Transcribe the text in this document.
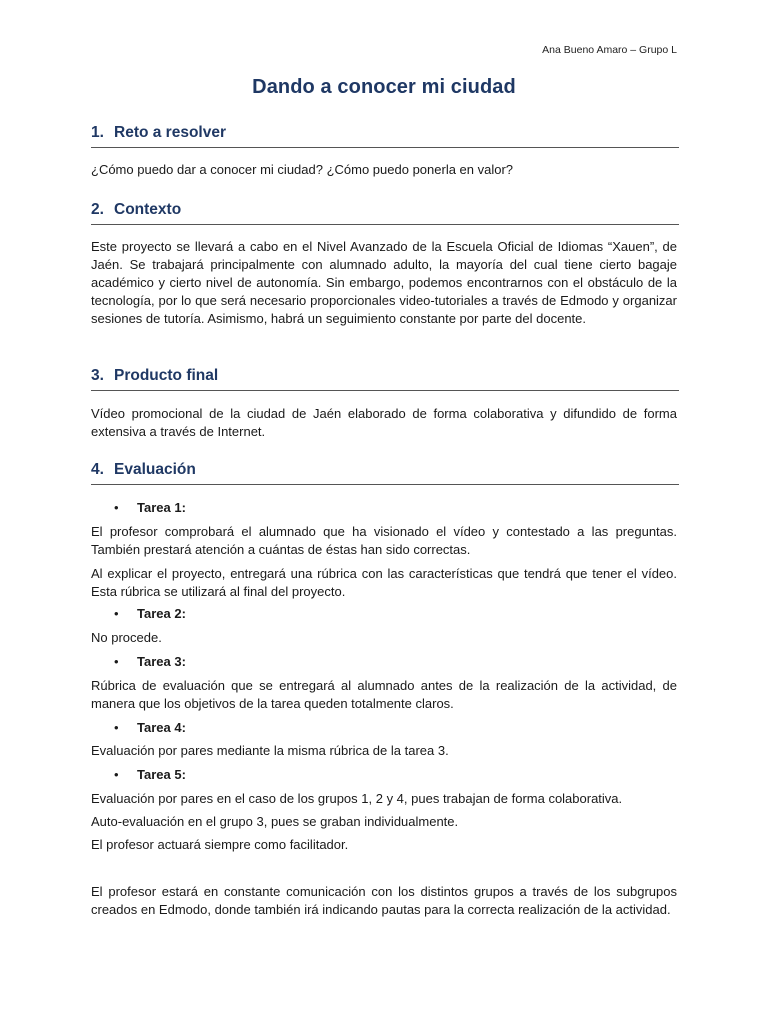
Ana Bueno Amaro – Grupo L
Dando a conocer mi ciudad
1. Reto a resolver

¿Cómo puedo dar a conocer mi ciudad? ¿Cómo puedo ponerla en valor?

2. Contexto

Este proyecto se llevará a cabo en el Nivel Avanzado de la Escuela Oficial de Idiomas “Xauen”, de Jaén. Se trabajará principalmente con alumnado adulto, la mayoría del cual tiene cierto bagaje académico y cierto nivel de autonomía. Sin embargo, podemos encontrarnos con el obstáculo de la tecnología, por lo que será necesario proporcionales video-tutoriales a través de Edmodo y organizar sesiones de tutoría. Asimismo, habrá un seguimiento constante por parte del docente.

3. Producto final

Vídeo promocional de la ciudad de Jaén elaborado de forma colaborativa y difundido de forma extensiva a través de Internet.

4. Evaluación
• Tarea 1:

El profesor comprobará el alumnado que ha visionado el vídeo y contestado a las preguntas. También prestará atención a cuántas de éstas han sido correctas.

Al explicar el proyecto, entregará una rúbrica con las características que tendrá que tener el vídeo. Esta rúbrica se utilizará al final del proyecto.

• Tarea 2:

No procede.

• Tarea 3:

Rúbrica de evaluación que se entregará al alumnado antes de la realización de la actividad, de manera que los objetivos de la tarea queden totalmente claros.

• Tarea 4:

Evaluación por pares mediante la misma rúbrica de la tarea 3.

• Tarea 5:

Evaluación por pares en el caso de los grupos 1, 2 y 4, pues trabajan de forma colaborativa.

Auto-evaluación en el grupo 3, pues se graban individualmente.

El profesor actuará siempre como facilitador.

El profesor estará en constante comunicación con los distintos grupos a través de los subgrupos creados en Edmodo, donde también irá indicando pautas para la correcta realización de la actividad.
